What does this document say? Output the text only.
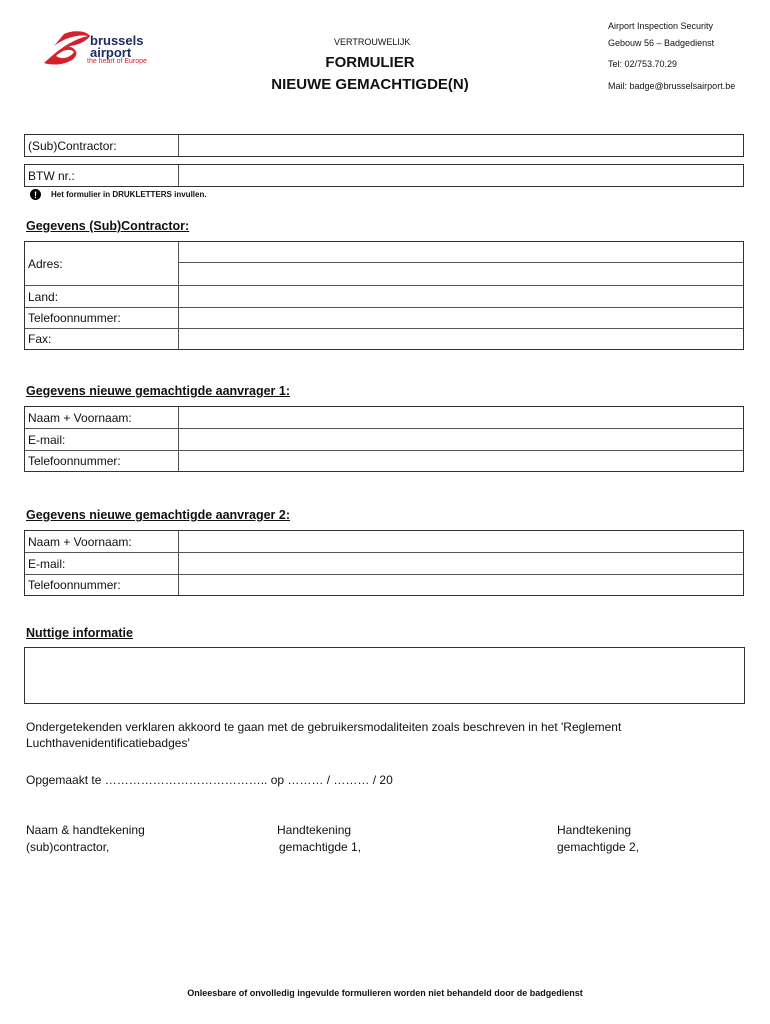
brussels
airport
the heart of Europe
VERTROUWELIJK
FORMULIER
NIEUWE GEMACHTIGDE(N)
Airport Inspection Security
Gebouw 56 – Badgedienst
Tel: 02/753.70.29
Mail: badge@brusselsairport.be
(Sub)Contractor:
BTW nr.:
!	Het formulier in DRUKLETTERS invullen.
Gegevens (Sub)Contractor:
Adres:
Land:
Telefoonnummer:
Fax:
Gegevens nieuwe gemachtigde aanvrager 1:
Naam + Voornaam:
E-mail:
Telefoonnummer:
Gegevens nieuwe gemachtigde aanvrager 2:
Naam + Voornaam:
E-mail:
Telefoonnummer:
Nuttige informatie
Ondergetekenden verklaren akkoord te gaan met de gebruikersmodaliteiten zoals beschreven in het 'Reglement Luchthavenidentificatiebadges'
Opgemaakt te ………………………………….. op ……… / ……… / 20
Naam & handtekening
(sub)contractor,
Handtekening
gemachtigde 1,
Handtekening
gemachtigde 2,
Onleesbare of onvolledig ingevulde formulieren worden niet behandeld door de badgedienst
